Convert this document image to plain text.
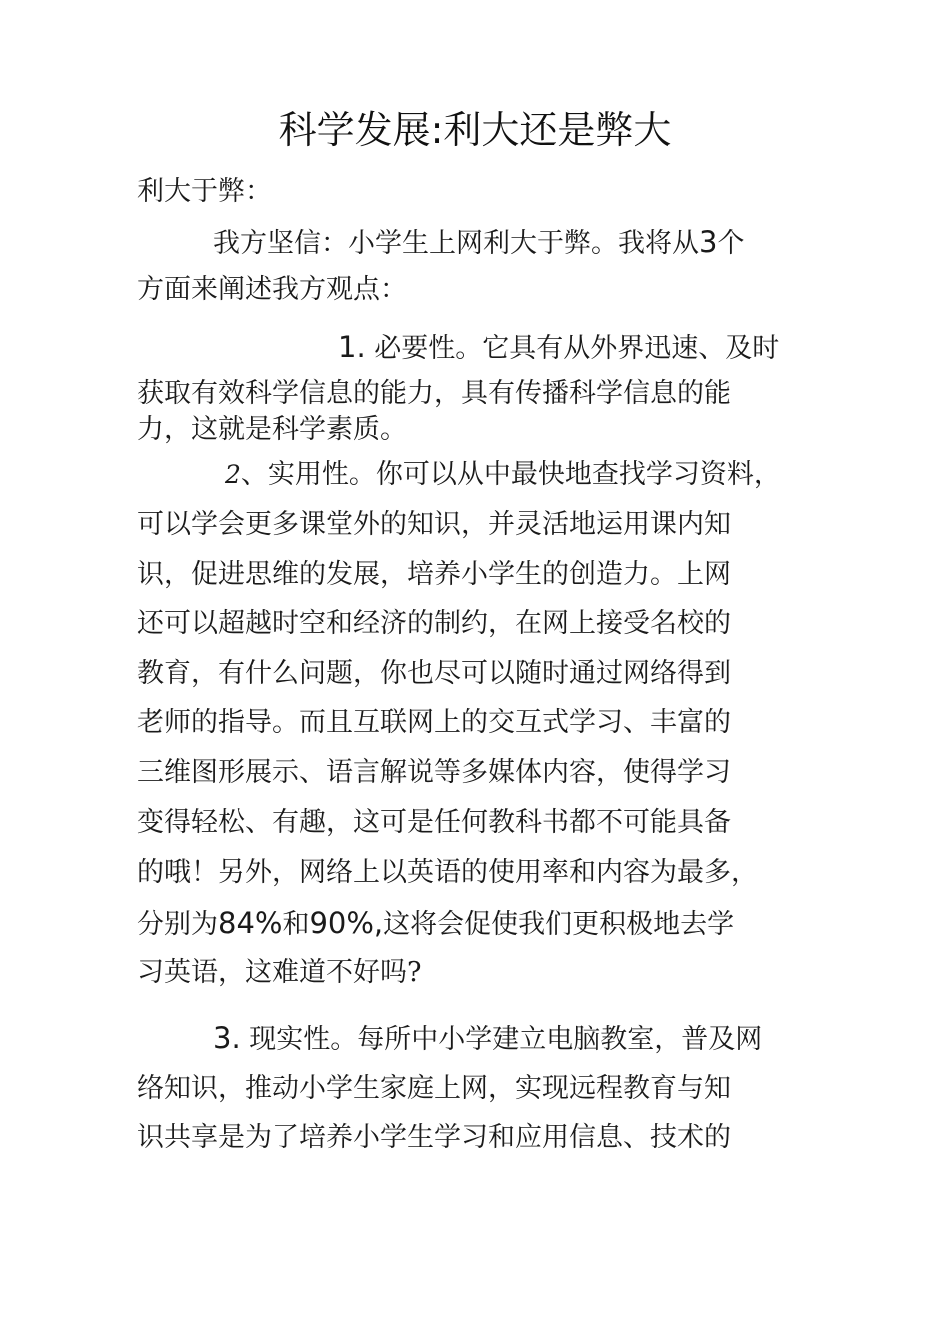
科学发展:利大还是弊大
利大于弊：
我方坚信：小学生上网利大于弊。我将从3个
方面来阐述我方观点：
1. 必要性。它具有从外界迅速、及时
获取有效科学信息的能力，具有传播科学信息的能
力，这就是科学素质。
2、实用性。你可以从中最快地查找学习资料，
可以学会更多课堂外的知识，并灵活地运用课内知
识，促进思维的发展，培养小学生的创造力。上网
还可以超越时空和经济的制约，在网上接受名校的
教育，有什么问题，你也尽可以随时通过网络得到
老师的指导。而且互联网上的交互式学习、丰富的
三维图形展示、语言解说等多媒体内容，使得学习
变得轻松、有趣，这可是任何教科书都不可能具备
的哦！另外，网络上以英语的使用率和内容为最多，
分别为84%和90%,这将会促使我们更积极地去学
习英语，这难道不好吗?
3. 现实性。每所中小学建立电脑教室，普及网
络知识，推动小学生家庭上网，实现远程教育与知
识共享是为了培养小学生学习和应用信息、技术的
